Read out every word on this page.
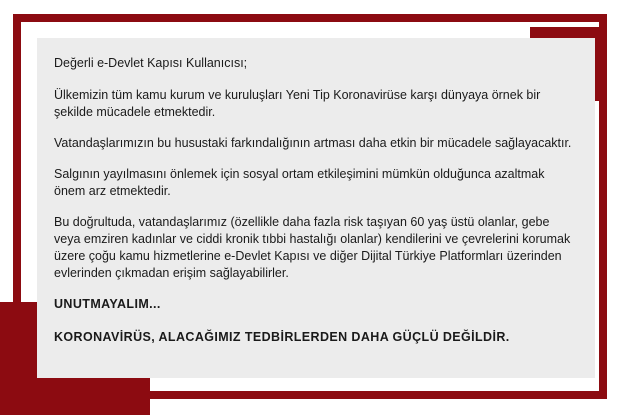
Değerli e-Devlet Kapısı Kullanıcısı;

Ülkemizin tüm kamu kurum ve kuruluşları Yeni Tip Koronavirüse karşı dünyaya örnek bir şekilde mücadele etmektedir.

Vatandaşlarımızın bu husustaki farkındalığının artması daha etkin bir mücadele sağlayacaktır.

Salgının yayılmasını önlemek için sosyal ortam etkileşimini mümkün olduğunca azaltmak önem arz etmektedir.

Bu doğrultuda, vatandaşlarımız (özellikle daha fazla risk taşıyan 60 yaş üstü olanlar, gebe veya emziren kadınlar ve ciddi kronik tıbbi hastalığı olanlar) kendilerini ve çevrelerini korumak üzere çoğu kamu hizmetlerine e-Devlet Kapısı ve diğer Dijital Türkiye Platformları üzerinden evlerinden çıkmadan erişim sağlayabilirler.

UNUTMAYALIM...

KORONAVİRÜS, ALACAĞIMIZ TEDBİRLERDEN DAHA GÜÇLÜ DEĞİLDİR.
